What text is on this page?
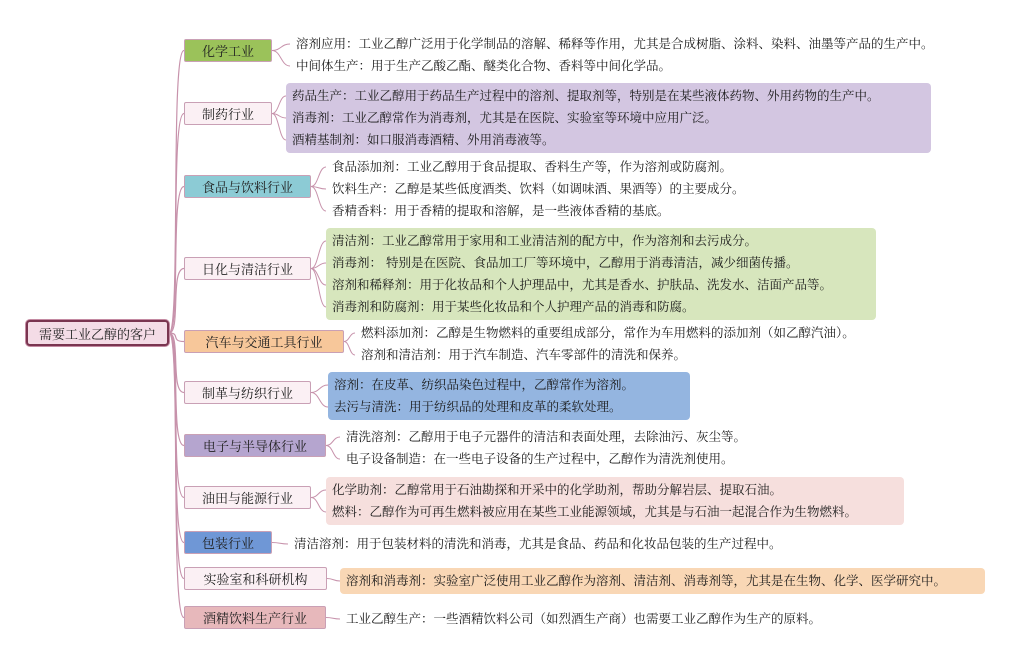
需要工业乙醇的客户
化学工业
溶剂应用：工业乙醇广泛用于化学制品的溶解、稀释等作用，尤其是合成树脂、涂料、染料、油墨等产品的生产中。
中间体生产：用于生产乙酸乙酯、醚类化合物、香料等中间化学品。
制药行业
药品生产：工业乙醇用于药品生产过程中的溶剂、提取剂等，特别是在某些液体药物、外用药物的生产中。
消毒剂：工业乙醇常作为消毒剂，尤其是在医院、实验室等环境中应用广泛。
酒精基制剂：如口服消毒酒精、外用消毒液等。
食品与饮料行业
食品添加剂：工业乙醇用于食品提取、香料生产等，作为溶剂或防腐剂。
饮料生产：乙醇是某些低度酒类、饮料（如调味酒、果酒等）的主要成分。
香精香料：用于香精的提取和溶解，是一些液体香精的基底。
日化与清洁行业
清洁剂：工业乙醇常用于家用和工业清洁剂的配方中，作为溶剂和去污成分。
消毒剂： 特别是在医院、食品加工厂等环境中，乙醇用于消毒清洁，减少细菌传播。
溶剂和稀释剂：用于化妆品和个人护理品中，尤其是香水、护肤品、洗发水、洁面产品等。
消毒剂和防腐剂：用于某些化妆品和个人护理产品的消毒和防腐。
汽车与交通工具行业
燃料添加剂：乙醇是生物燃料的重要组成部分，常作为车用燃料的添加剂（如乙醇汽油）。
溶剂和清洁剂：用于汽车制造、汽车零部件的清洗和保养。
制革与纺织行业
溶剂：在皮革、纺织品染色过程中，乙醇常作为溶剂。
去污与清洗：用于纺织品的处理和皮革的柔软处理。
电子与半导体行业
清洗溶剂：乙醇用于电子元器件的清洁和表面处理，去除油污、灰尘等。
电子设备制造：在一些电子设备的生产过程中，乙醇作为清洗剂使用。
油田与能源行业
化学助剂：乙醇常用于石油勘探和开采中的化学助剂，帮助分解岩层、提取石油。
燃料：乙醇作为可再生燃料被应用在某些工业能源领域，尤其是与石油一起混合作为生物燃料。
包装行业	清洁溶剂：用于包装材料的清洗和消毒，尤其是食品、药品和化妆品包装的生产过程中。
实验室和科研机构	溶剂和消毒剂：实验室广泛使用工业乙醇作为溶剂、清洁剂、消毒剂等，尤其是在生物、化学、医学研究中。
酒精饮料生产行业	工业乙醇生产：一些酒精饮料公司（如烈酒生产商）也需要工业乙醇作为生产的原料。
